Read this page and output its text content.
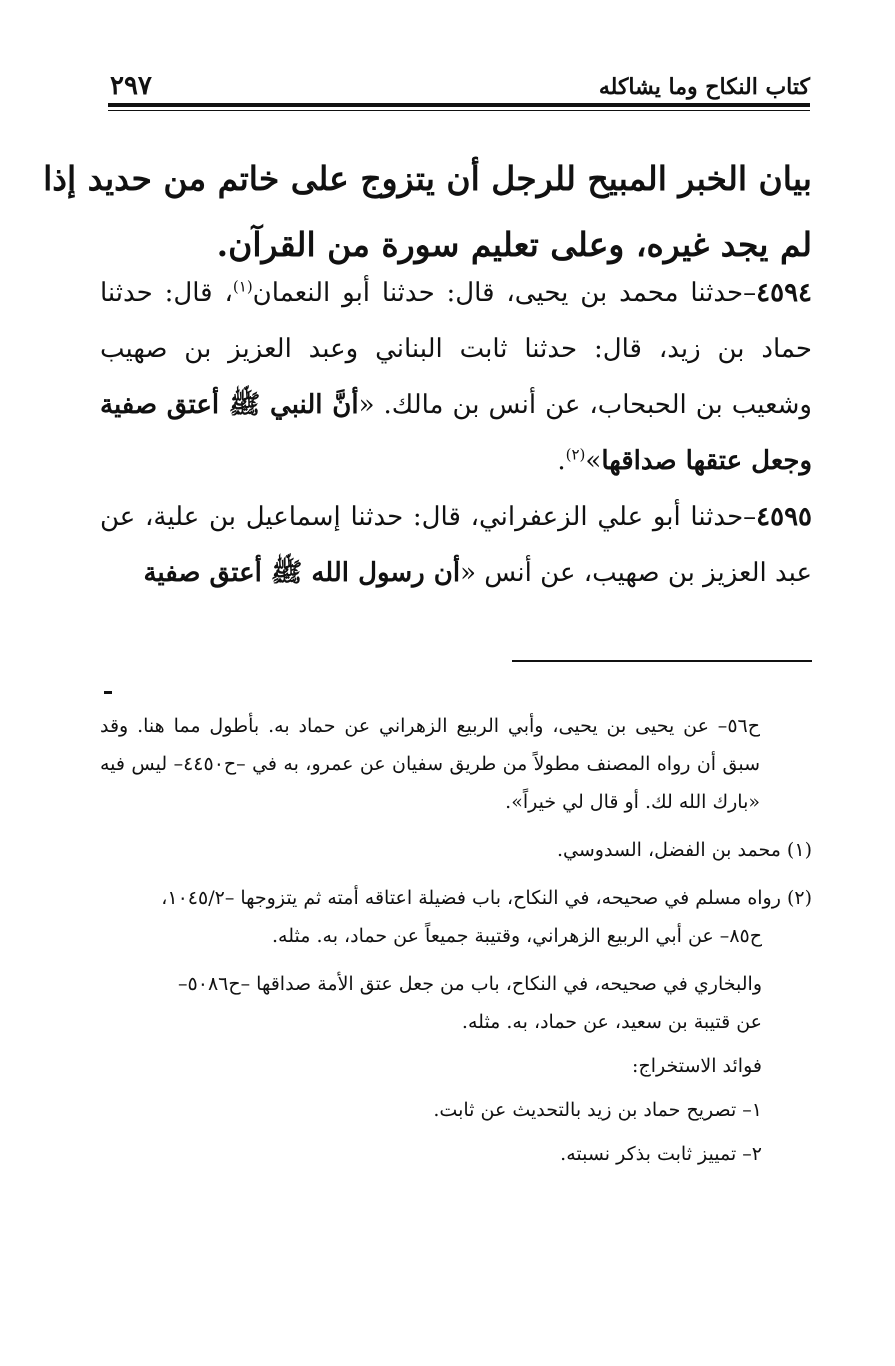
كتاب النكاح وما يشاكله
٢٩٧
بيان الخبر المبيح للرجل أن يتزوج على خاتم من حديد إذا
لم يجد غيره، وعلى تعليم سورة من القرآن.

٤٥٩٤–حدثنا محمد بن يحيى، قال: حدثنا أبو النعمان$^{(١)}$، قال: حدثنا حماد بن زيد، قال: حدثنا ثابت البناني وعبد العزيز بن صهيب وشعيب بن الحبحاب، عن أنس بن مالك. «أنَّ النبي ﷺ أعتق صفية وجعل عتقها صداقها»$^{(٢)}$.

٤٥٩٥–حدثنا أبو علي الزعفراني، قال: حدثنا إسماعيل بن علية، عن عبد العزيز بن صهيب، عن أنس «أن رسول الله ﷺ أعتق صفية

ح٥٦– عن يحيى بن يحيى، وأبي الربيع الزهراني عن حماد به. بأطول مما هنا. وقد سبق أن رواه المصنف مطولاً من طريق سفيان عن عمرو، به في –ح٤٤٥٠– ليس فيه «بارك الله لك. أو قال لي خيراً».

(١) محمد بن الفضل، السدوسي.

(٢) رواه مسلم في صحيحه، في النكاح، باب فضيلة اعتاقه أمته ثم يتزوجها –١٠٤٥/٢،

ح٨٥– عن أبي الربيع الزهراني، وقتيبة جميعاً عن حماد، به. مثله.

والبخاري في صحيحه، في النكاح، باب من جعل عتق الأمة صداقها –ح٥٠٨٦–

عن قتيبة بن سعيد، عن حماد، به. مثله.

فوائد الاستخراج:

١– تصريح حماد بن زيد بالتحديث عن ثابت.

٢– تمييز ثابت بذكر نسبته.
